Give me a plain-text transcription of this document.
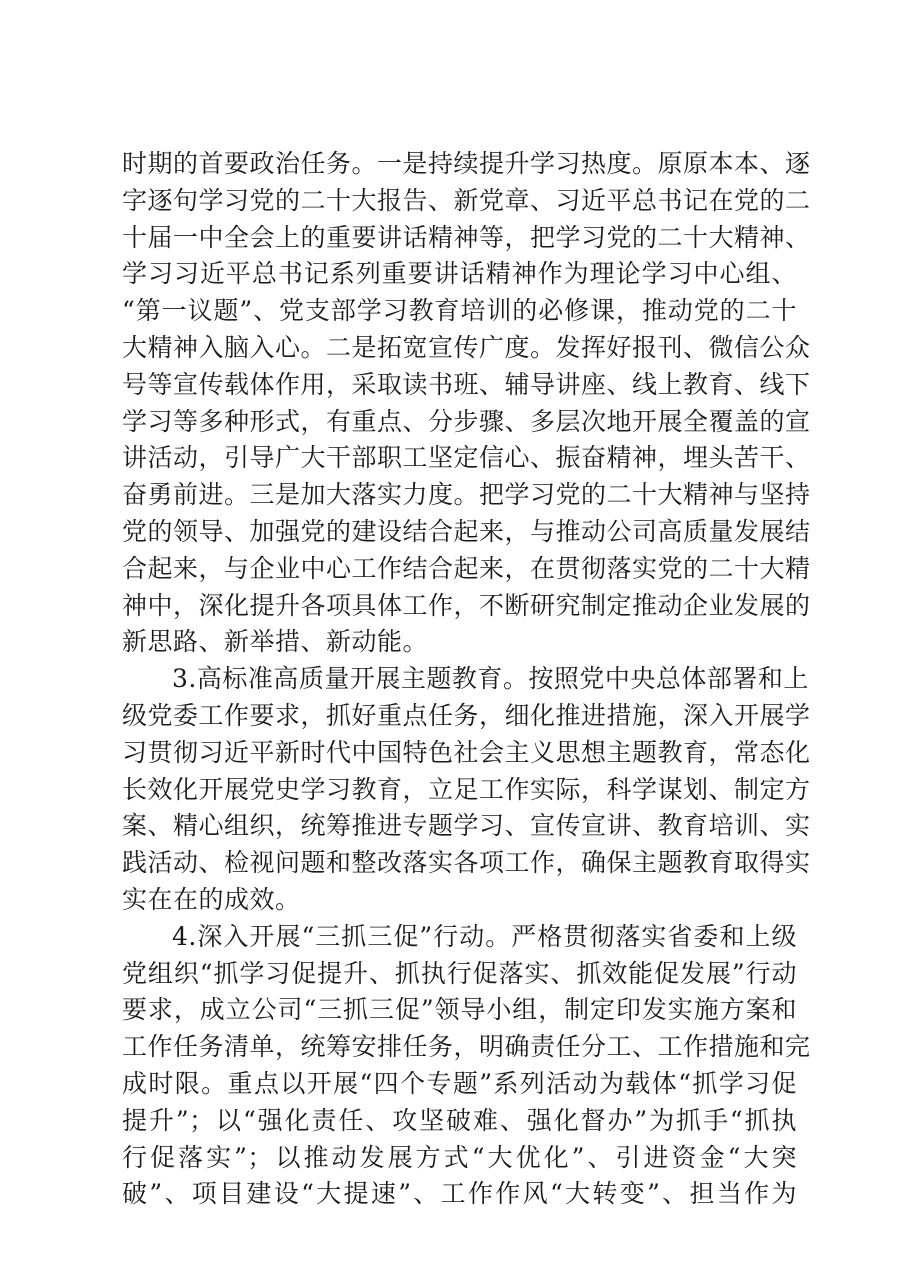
时期的首要政治任务。一是持续提升学习热度。原原本本、逐
字逐句学习党的二十大报告、新党章、习近平总书记在党的二
十届一中全会上的重要讲话精神等，把学习党的二十大精神、
学习习近平总书记系列重要讲话精神作为理论学习中心组、
“第一议题”、党支部学习教育培训的必修课，推动党的二十
大精神入脑入心。二是拓宽宣传广度。发挥好报刊、微信公众
号等宣传载体作用，采取读书班、辅导讲座、线上教育、线下
学习等多种形式，有重点、分步骤、多层次地开展全覆盖的宣
讲活动，引导广大干部职工坚定信心、振奋精神，埋头苦干、
奋勇前进。三是加大落实力度。把学习党的二十大精神与坚持
党的领导、加强党的建设结合起来，与推动公司高质量发展结
合起来，与企业中心工作结合起来，在贯彻落实党的二十大精
神中，深化提升各项具体工作，不断研究制定推动企业发展的
新思路、新举措、新动能。

3.高标准高质量开展主题教育。按照党中央总体部署和上
级党委工作要求，抓好重点任务，细化推进措施，深入开展学
习贯彻习近平新时代中国特色社会主义思想主题教育，常态化
长效化开展党史学习教育，立足工作实际，科学谋划、制定方
案、精心组织，统筹推进专题学习、宣传宣讲、教育培训、实
践活动、检视问题和整改落实各项工作，确保主题教育取得实
实在在的成效。

4.深入开展“三抓三促”行动。严格贯彻落实省委和上级
党组织“抓学习促提升、抓执行促落实、抓效能促发展”行动
要求，成立公司“三抓三促”领导小组，制定印发实施方案和
工作任务清单，统筹安排任务，明确责任分工、工作措施和完
成时限。重点以开展“四个专题”系列活动为载体“抓学习促
提升”；以“强化责任、攻坚破难、强化督办”为抓手“抓执
行促落实”；以推动发展方式“大优化”、引进资金“大突
破”、项目建设“大提速”、工作作风“大转变”、担当作为
